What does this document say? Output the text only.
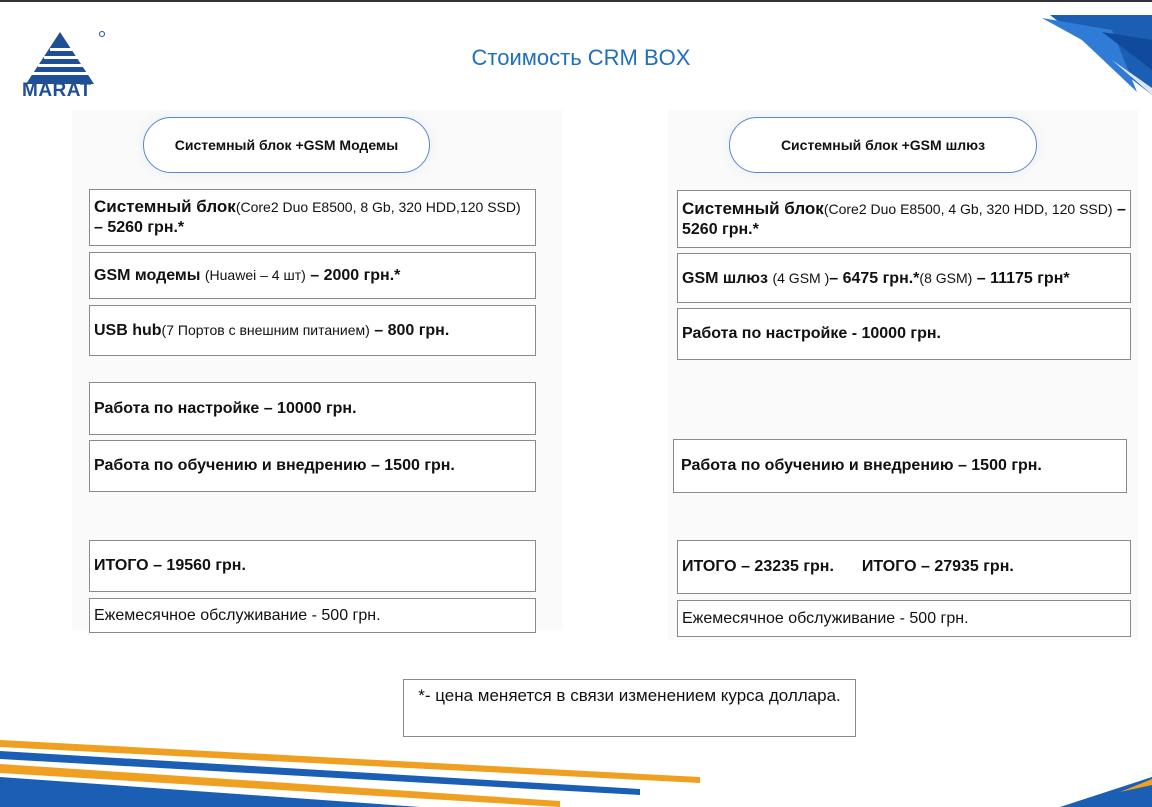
MARAT
Стоимость CRM BOX
Системный блок +GSM Модемы
Системный блок(Core2 Duo E8500, 8 Gb, 320 HDD,120 SSD) – 5260 грн.*
GSM модемы (Huawei – 4 шт) – 2000 грн.*
USB hub(7 Портов с внешним питанием) – 800 грн.
Работа по настройке – 10000 грн.
Работа по обучению и внедрению – 1500 грн.
ИТОГО – 19560 грн.
Ежемесячное обслуживание - 500 грн.
Системный блок +GSM шлюз
Системный блок(Core2 Duo E8500, 4 Gb, 320 HDD, 120 SSD) – 5260 грн.*
GSM шлюз (4 GSM )– 6475 грн.*(8 GSM) – 11175 грн*
Работа по настройке - 10000 грн.
Работа по обучению и внедрению – 1500 грн.
ИТОГО – 23235 грн. ИТОГО – 27935 грн.
Ежемесячное обслуживание - 500 грн.
*- цена меняется в связи изменением курса доллара.
